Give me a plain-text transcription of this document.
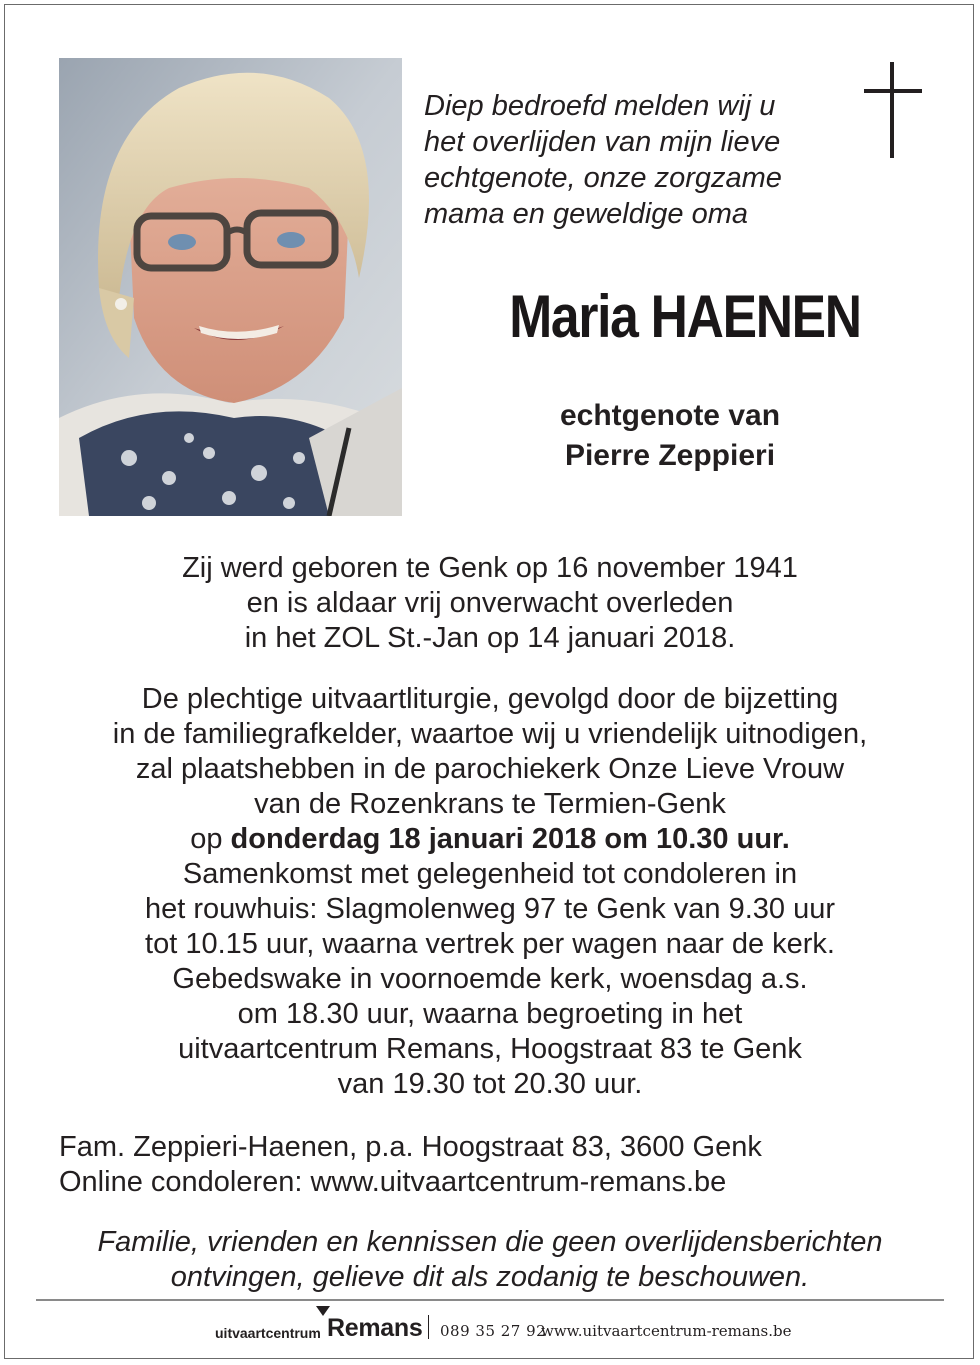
Diep bedroefd melden wij u
het overlijden van mijn lieve
echtgenote, onze zorgzame
mama en geweldige oma
Maria HAENEN
echtgenote van
Pierre Zeppieri
Zij werd geboren te Genk op 16 november 1941
en is aldaar vrij onverwacht overleden
in het ZOL St.-Jan op 14 januari 2018.
De plechtige uitvaartliturgie, gevolgd door de bijzetting
in de familiegrafkelder, waartoe wij u vriendelijk uitnodigen,
zal plaatshebben in de parochiekerk Onze Lieve Vrouw
van de Rozenkrans te Termien-Genk
op donderdag 18 januari 2018 om 10.30 uur.
Samenkomst met gelegenheid tot condoleren in
het rouwhuis: Slagmolenweg 97 te Genk van 9.30 uur
tot 10.15 uur, waarna vertrek per wagen naar de kerk.
Gebedswake in voornoemde kerk, woensdag a.s.
om 18.30 uur, waarna begroeting in het
uitvaartcentrum Remans, Hoogstraat 83 te Genk
van 19.30 tot 20.30 uur.
Fam. Zeppieri-Haenen, p.a. Hoogstraat 83, 3600 Genk
Online condoleren: www.uitvaartcentrum-remans.be
Familie, vrienden en kennissen die geen overlijdensberichten
ontvingen, gelieve dit als zodanig te beschouwen.
uitvaartcentrum Remans 089 35 27 92
www.uitvaartcentrum-remans.be
